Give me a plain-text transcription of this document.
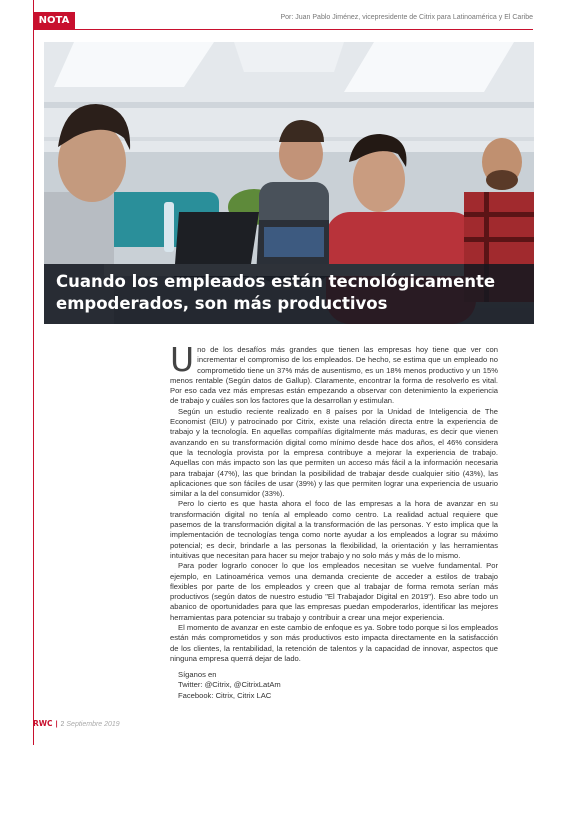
NOTA	Por: Juan Pablo Jiménez, vicepresidente de Citrix para Latinoamérica y El Caribe
Cuando los empleados están tecnológicamente empoderados, son más productivos

Uno de los desafíos más grandes que tienen las empresas hoy tiene que ver con incrementar el compromiso de los empleados. De hecho, se estima que un empleado no comprometido tiene un 37% más de ausentismo, es un 18% menos productivo y un 15% menos rentable (Según datos de Gallup). Claramente, encontrar la forma de resolverlo es vital. Por eso cada vez más empresas están empezando a observar con detenimiento la experiencia de trabajo y cuáles son los factores que la desarrollan y estimulan.

Según un estudio reciente realizado en 8 países por la Unidad de Inteligencia de The Economist (EIU) y patrocinado por Citrix, existe una relación directa entre la experiencia de trabajo y la tecnología. En aquellas compañías digitalmente más maduras, es decir que vienen avanzando en su transformación digital como mínimo desde hace dos años, el 46% considera que la tecnología provista por la empresa contribuye a mejorar la experiencia de trabajo. Aquellas con más impacto son las que permiten un acceso más fácil a la información necesaria para trabajar (47%), las que brindan la posibilidad de trabajar desde cualquier sitio (43%), las aplicaciones que son fáciles de usar (39%) y las que permiten lograr una experiencia de usuario similar a la del consumidor (33%).

Pero lo cierto es que hasta ahora el foco de las empresas a la hora de avanzar en su transformación digital no tenía al empleado como centro. La realidad actual requiere que pasemos de la transformación digital a la transformación de las personas. Y esto implica que la implementación de tecnologías tenga como norte ayudar a los empleados a lograr su máximo potencial; es decir, brindarle a las personas la flexibilidad, la orientación y las herramientas intuitivas que necesitan para hacer su mejor trabajo y no solo más y más de lo mismo.

Para poder lograrlo conocer lo que los empleados necesitan se vuelve fundamental. Por ejemplo, en Latinoamérica vemos una demanda creciente de acceder a estilos de trabajo flexibles por parte de los empleados y creen que al trabajar de forma remota serían más productivos (según datos de nuestro estudio "El Trabajador Digital en 2019"). Eso abre todo un abanico de oportunidades para que las empresas puedan empoderarlos, identificar las mejores herramientas para potenciar su trabajo y contribuir a crear una mejor experiencia.

El momento de avanzar en este cambio de enfoque es ya. Sobre todo porque si los empleados están más comprometidos y son más productivos esto impacta directamente en la satisfacción de los clientes, la rentabilidad, la retención de talentos y la capacidad de innovar, aspectos que ninguna empresa querrá dejar de lado.

Síganos en
Twitter: @Citrix, @CitrixLatAm
Facebook: Citrix, Citrix LAC
RWC | 2 Septiembre 2019
